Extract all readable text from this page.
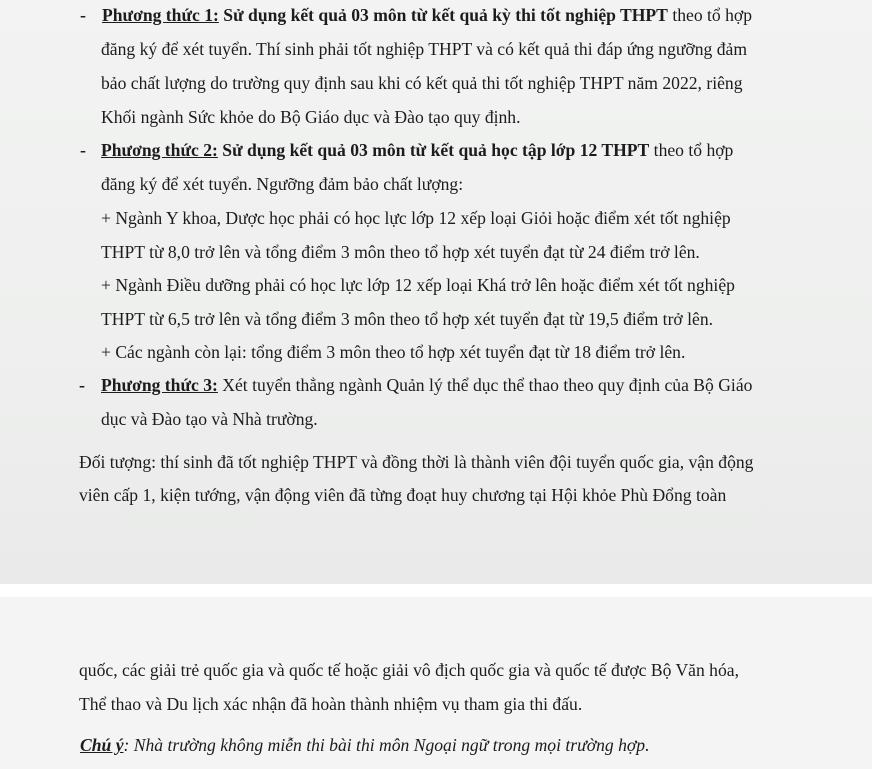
- Phương thức 1: Sử dụng kết quả 03 môn từ kết quả kỳ thi tốt nghiệp THPT theo tổ hợp
đăng ký để xét tuyển. Thí sinh phải tốt nghiệp THPT và có kết quả thi đáp ứng ngưỡng đảm
bảo chất lượng do trường quy định sau khi có kết quả thi tốt nghiệp THPT năm 2022, riêng
Khối ngành Sức khỏe do Bộ Giáo dục và Đào tạo quy định.
- Phương thức 2: Sử dụng kết quả 03 môn từ kết quả học tập lớp 12 THPT theo tổ hợp
đăng ký để xét tuyển. Ngưỡng đảm bảo chất lượng:
+ Ngành Y khoa, Dược học phải có học lực lớp 12 xếp loại Giỏi hoặc điểm xét tốt nghiệp
THPT từ 8,0 trở lên và tổng điểm 3 môn theo tổ hợp xét tuyển đạt từ 24 điểm trở lên.
+ Ngành Điều dưỡng phải có học lực lớp 12 xếp loại Khá trở lên hoặc điểm xét tốt nghiệp
THPT từ 6,5 trở lên và tổng điểm 3 môn theo tổ hợp xét tuyển đạt từ 19,5 điểm trở lên.
+ Các ngành còn lại: tổng điểm 3 môn theo tổ hợp xét tuyển đạt từ 18 điểm trở lên.
- Phương thức 3: Xét tuyển thẳng ngành Quản lý thể dục thể thao theo quy định của Bộ Giáo
dục và Đào tạo và Nhà trường.
Đối tượng: thí sinh đã tốt nghiệp THPT và đồng thời là thành viên đội tuyển quốc gia, vận động
viên cấp 1, kiện tướng, vận động viên đã từng đoạt huy chương tại Hội khỏe Phù Đổng toàn
quốc, các giải trẻ quốc gia và quốc tế hoặc giải vô địch quốc gia và quốc tế được Bộ Văn hóa,
Thể thao và Du lịch xác nhận đã hoàn thành nhiệm vụ tham gia thi đấu.
Chú ý: Nhà trường không miễn thi bài thi môn Ngoại ngữ trong mọi trường hợp.
